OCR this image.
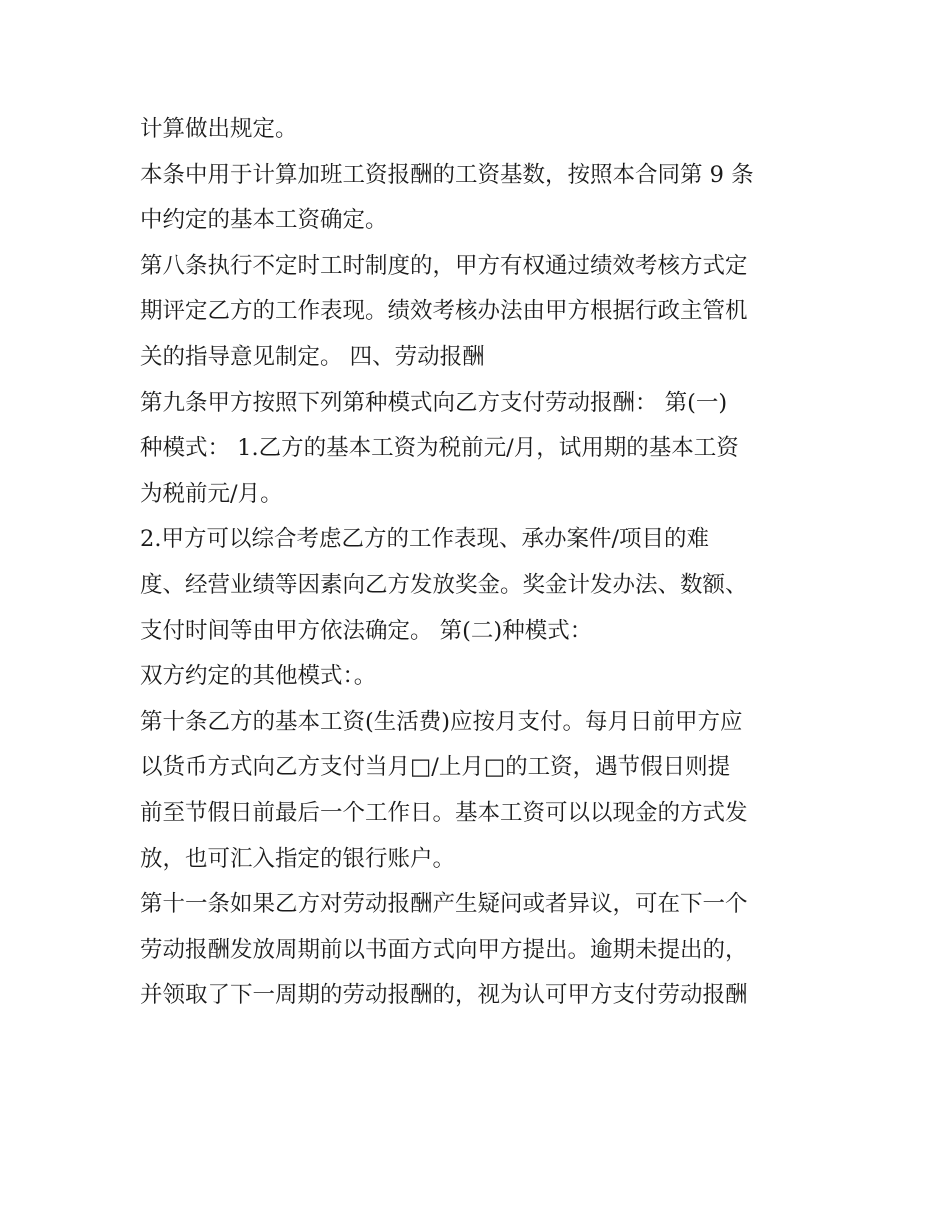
计算做出规定。
本条中用于计算加班工资报酬的工资基数，按照本合同第 9 条
中约定的基本工资确定。
第八条执行不定时工时制度的，甲方有权通过绩效考核方式定
期评定乙方的工作表现。绩效考核办法由甲方根据行政主管机
关的指导意见制定。 四、劳动报酬
第九条甲方按照下列第种模式向乙方支付劳动报酬： 第(一)
种模式： 1.乙方的基本工资为税前元/月，试用期的基本工资
为税前元/月。
2.甲方可以综合考虑乙方的工作表现、承办案件/项目的难
度、经营业绩等因素向乙方发放奖金。奖金计发办法、数额、
支付时间等由甲方依法确定。 第(二)种模式：
双方约定的其他模式：。
第十条乙方的基本工资(生活费)应按月支付。每月日前甲方应
以货币方式向乙方支付当月□/上月□的工资，遇节假日则提
前至节假日前最后一个工作日。基本工资可以以现金的方式发
放，也可汇入指定的银行账户。
第十一条如果乙方对劳动报酬产生疑问或者异议，可在下一个
劳动报酬发放周期前以书面方式向甲方提出。逾期未提出的，
并领取了下一周期的劳动报酬的，视为认可甲方支付劳动报酬
